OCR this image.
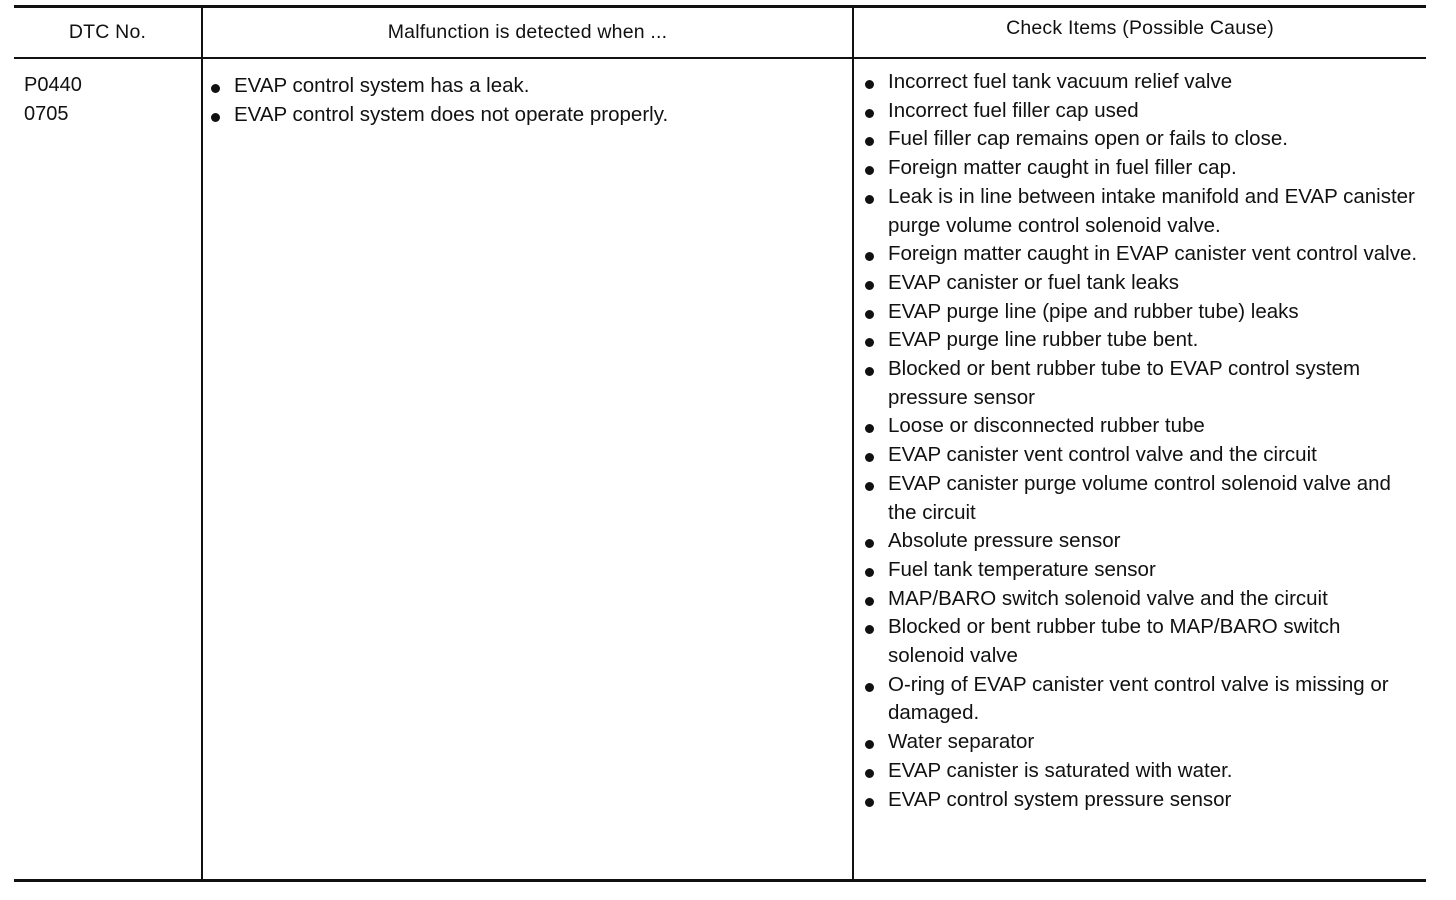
DTC No.	Malfunction is detected when ...	Check Items (Possible Cause)
P0440
0705
EVAP control system has a leak.
EVAP control system does not operate properly.
Incorrect fuel tank vacuum relief valve
Incorrect fuel filler cap used
Fuel filler cap remains open or fails to close.
Foreign matter caught in fuel filler cap.
Leak is in line between intake manifold and EVAP canister purge volume control solenoid valve.
Foreign matter caught in EVAP canister vent control valve.
EVAP canister or fuel tank leaks
EVAP purge line (pipe and rubber tube) leaks
EVAP purge line rubber tube bent.
Blocked or bent rubber tube to EVAP control system pressure sensor
Loose or disconnected rubber tube
EVAP canister vent control valve and the circuit
EVAP canister purge volume control solenoid valve and the circuit
Absolute pressure sensor
Fuel tank temperature sensor
MAP/BARO switch solenoid valve and the circuit
Blocked or bent rubber tube to MAP/BARO switch solenoid valve
O-ring of EVAP canister vent control valve is missing or damaged.
Water separator
EVAP canister is saturated with water.
EVAP control system pressure sensor
